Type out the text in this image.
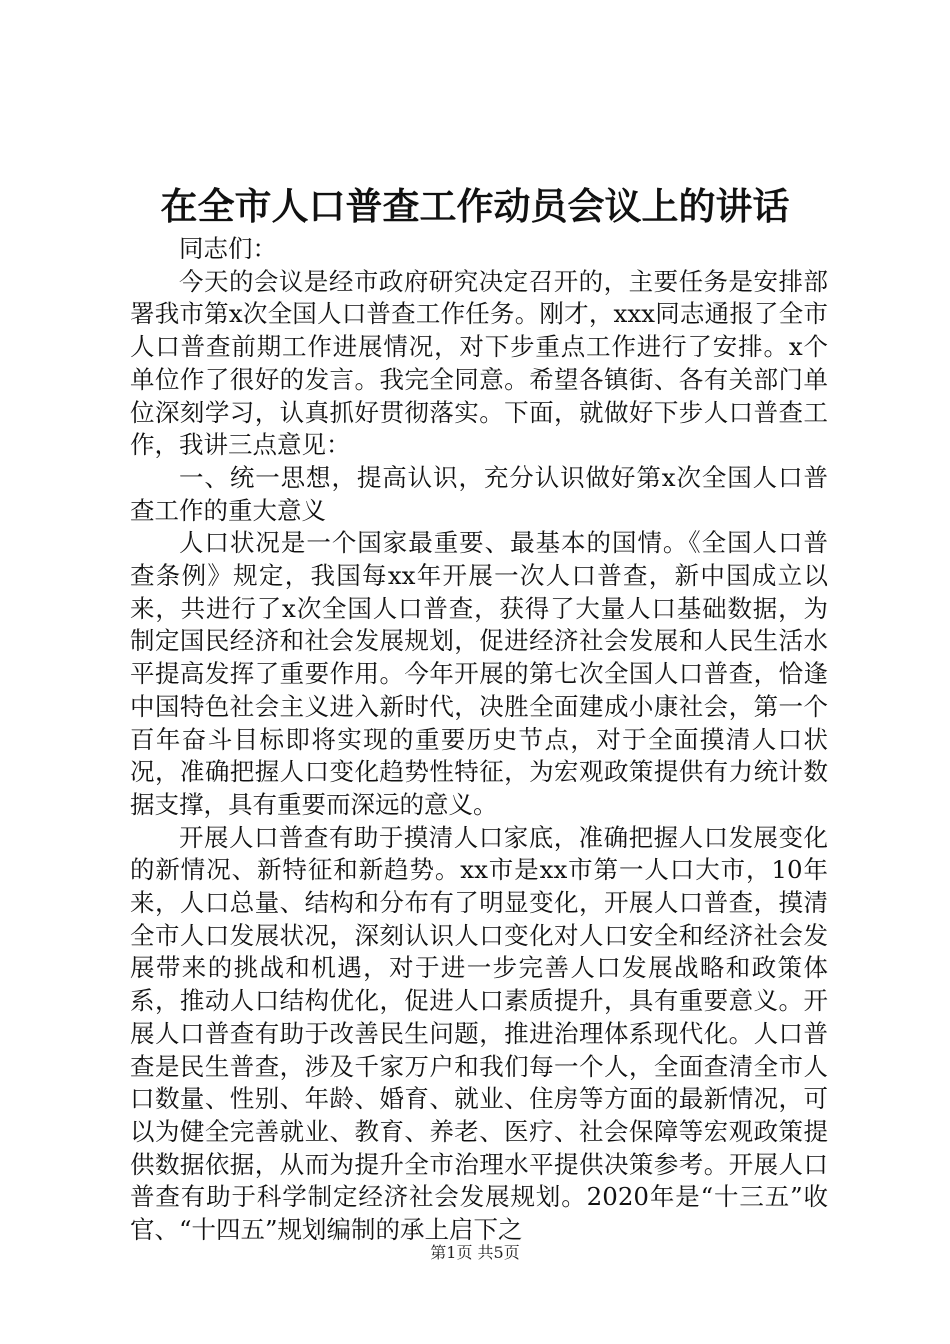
在全市人口普查工作动员会议上的讲话

同志们：

今天的会议是经市政府研究决定召开的，主要任务是安排部署我市第x次全国人口普查工作任务。刚才，xxx同志通报了全市人口普查前期工作进展情况，对下步重点工作进行了安排。x个单位作了很好的发言。我完全同意。希望各镇街、各有关部门单位深刻学习，认真抓好贯彻落实。下面，就做好下步人口普查工作，我讲三点意见：

一、统一思想，提高认识，充分认识做好第x次全国人口普查工作的重大意义

人口状况是一个国家最重要、最基本的国情。《全国人口普查条例》规定，我国每xx年开展一次人口普查，新中国成立以来，共进行了x次全国人口普查，获得了大量人口基础数据，为制定国民经济和社会发展规划，促进经济社会发展和人民生活水平提高发挥了重要作用。今年开展的第七次全国人口普查，恰逢中国特色社会主义进入新时代，决胜全面建成小康社会，第一个百年奋斗目标即将实现的重要历史节点，对于全面摸清人口状况，准确把握人口变化趋势性特征，为宏观政策提供有力统计数据支撑，具有重要而深远的意义。

开展人口普查有助于摸清人口家底，准确把握人口发展变化的新情况、新特征和新趋势。xx市是xx市第一人口大市，10年来，人口总量、结构和分布有了明显变化，开展人口普查，摸清全市人口发展状况，深刻认识人口变化对人口安全和经济社会发展带来的挑战和机遇，对于进一步完善人口发展战略和政策体系，推动人口结构优化，促进人口素质提升，具有重要意义。开展人口普查有助于改善民生问题，推进治理体系现代化。人口普查是民生普查，涉及千家万户和我们每一个人，全面查清全市人口数量、性别、年龄、婚育、就业、住房等方面的最新情况，可以为健全完善就业、教育、养老、医疗、社会保障等宏观政策提供数据依据，从而为提升全市治理水平提供决策参考。开展人口普查有助于科学制定经济社会发展规划。2020年是“十三五”收官、“十四五”规划编制的承上启下之

第1页 共5页
